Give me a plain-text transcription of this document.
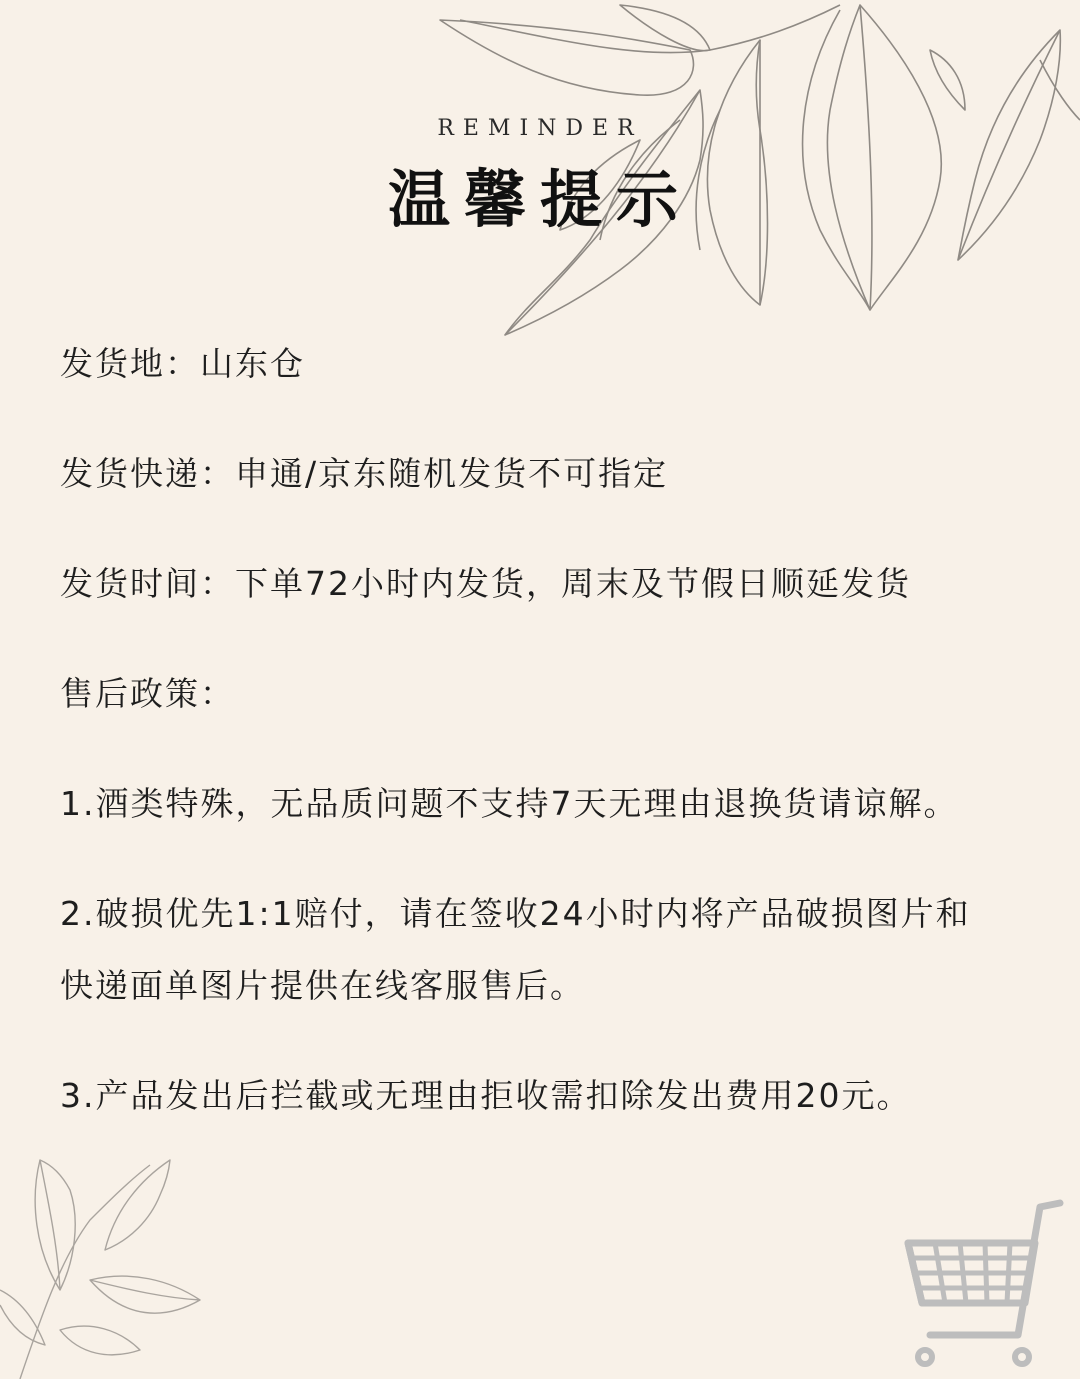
REMINDER
温馨提示
发货地：山东仓
发货快递：申通/京东随机发货不可指定
发货时间：下单72小时内发货，周末及节假日顺延发货
售后政策：
1.酒类特殊，无品质问题不支持7天无理由退换货请谅解。
2.破损优先1:1赔付，请在签收24小时内将产品破损图片和
快递面单图片提供在线客服售后。
3.产品发出后拦截或无理由拒收需扣除发出费用20元。
